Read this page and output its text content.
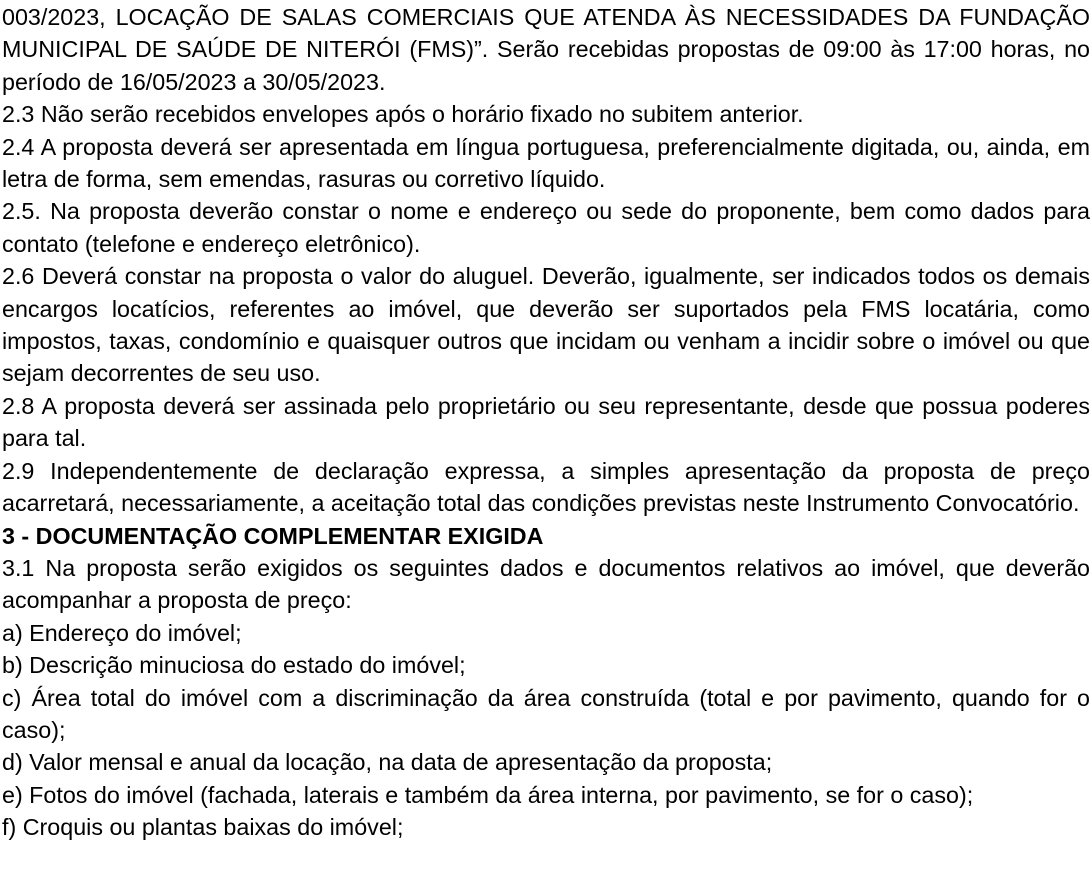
003/2023, LOCAÇÃO DE SALAS COMERCIAIS QUE ATENDA ÀS NECESSIDADES DA FUNDAÇÃO MUNICIPAL DE SAÚDE DE NITERÓI (FMS)”. Serão recebidas propostas de 09:00 às 17:00 horas, no período de 16/05/2023 a 30/05/2023.

2.3 Não serão recebidos envelopes após o horário fixado no subitem anterior.

2.4 A proposta deverá ser apresentada em língua portuguesa, preferencialmente digitada, ou, ainda, em letra de forma, sem emendas, rasuras ou corretivo líquido.

2.5. Na proposta deverão constar o nome e endereço ou sede do proponente, bem como dados para contato (telefone e endereço eletrônico).

2.6 Deverá constar na proposta o valor do aluguel. Deverão, igualmente, ser indicados todos os demais encargos locatícios, referentes ao imóvel, que deverão ser suportados pela FMS locatária, como impostos, taxas, condomínio e quaisquer outros que incidam ou venham a incidir sobre o imóvel ou que sejam decorrentes de seu uso.

2.8 A proposta deverá ser assinada pelo proprietário ou seu representante, desde que possua poderes para tal.

2.9 Independentemente de declaração expressa, a simples apresentação da proposta de preço acarretará, necessariamente, a aceitação total das condições previstas neste Instrumento Convocatório.

3 - DOCUMENTAÇÃO COMPLEMENTAR EXIGIDA

3.1 Na proposta serão exigidos os seguintes dados e documentos relativos ao imóvel, que deverão acompanhar a proposta de preço:

a) Endereço do imóvel;

b) Descrição minuciosa do estado do imóvel;

c) Área total do imóvel com a discriminação da área construída (total e por pavimento, quando for o caso);

d) Valor mensal e anual da locação, na data de apresentação da proposta;

e) Fotos do imóvel (fachada, laterais e também da área interna, por pavimento, se for o caso);

f) Croquis ou plantas baixas do imóvel;
